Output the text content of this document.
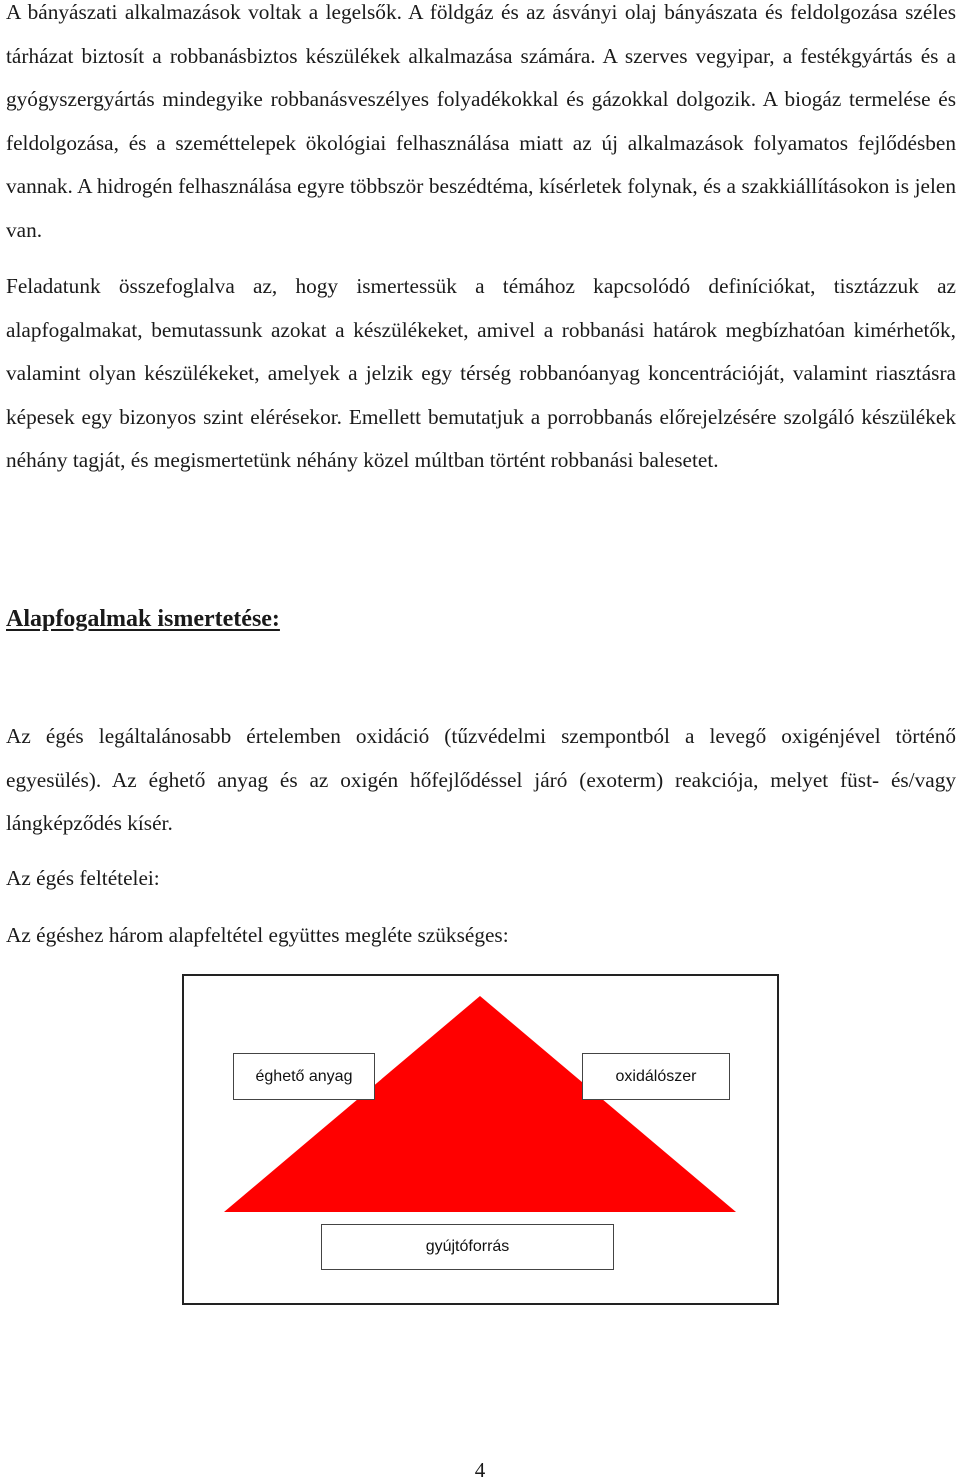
A bányászati alkalmazások voltak a legelsők. A földgáz és az ásványi olaj bányászata és feldolgozása széles tárházat biztosít a robbanásbiztos készülékek alkalmazása számára. A szerves vegyipar, a festékgyártás és a gyógyszergyártás mindegyike robbanásveszélyes folyadékokkal és gázokkal dolgozik. A biogáz termelése és feldolgozása, és a szeméttelepek ökológiai felhasználása miatt az új alkalmazások folyamatos fejlődésben vannak. A hidrogén felhasználása egyre többször beszédtéma, kísérletek folynak, és a szakkiállításokon is jelen van.

Feladatunk összefoglalva az, hogy ismertessük a témához kapcsolódó definíciókat, tisztázzuk az alapfogalmakat, bemutassunk azokat a készülékeket, amivel a robbanási határok megbízhatóan kimérhetők, valamint olyan készülékeket, amelyek a jelzik egy térség robbanóanyag koncentrációját, valamint riasztásra képesek egy bizonyos szint elérésekor. Emellett bemutatjuk a porrobbanás előrejelzésére szolgáló készülékek néhány tagját, és megismertetünk néhány közel múltban történt robbanási balesetet.

Alapfogalmak ismertetése:

Az égés legáltalánosabb értelemben oxidáció (tűzvédelmi szempontból a levegő oxigénjével történő egyesülés). Az éghető anyag és az oxigén hőfejlődéssel járó (exoterm) reakciója, melyet füst- és/vagy lángképződés kísér.

Az égés feltételei:

Az égéshez három alapfeltétel együttes megléte szükséges:

éghető anyag	oxidálószer
gyújtóforrás

4
